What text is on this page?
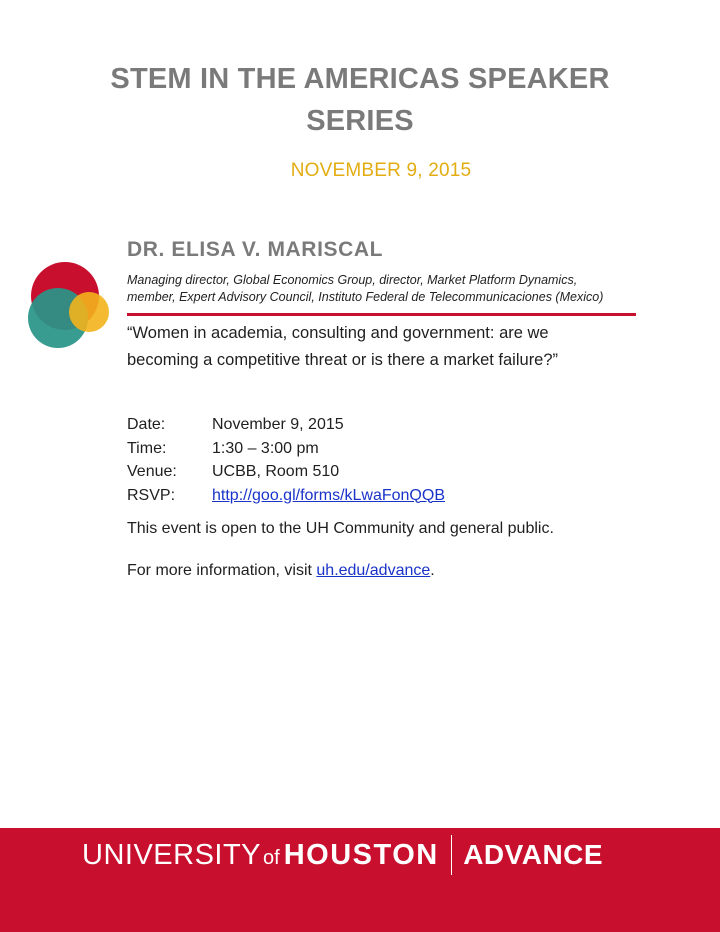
STEM IN THE AMERICAS SPEAKER
SERIES
NOVEMBER 9, 2015
DR. ELISA V. MARISCAL
Managing director, Global Economics Group, director, Market Platform Dynamics,
member, Expert Advisory Council, Instituto Federal de Telecommunicaciones (Mexico)
“Women in academia, consulting and government: are we
becoming a competitive threat or is there a market failure?”
Date:	November 9, 2015
Time:	1:30 – 3:00 pm
Venue:	UCBB, Room 510
RSVP:	http://goo.gl/forms/kLwaFonQQB
This event is open to the UH Community and general public.
For more information, visit uh.edu/advance.
UNIVERSITY of HOUSTON ADVANCE
